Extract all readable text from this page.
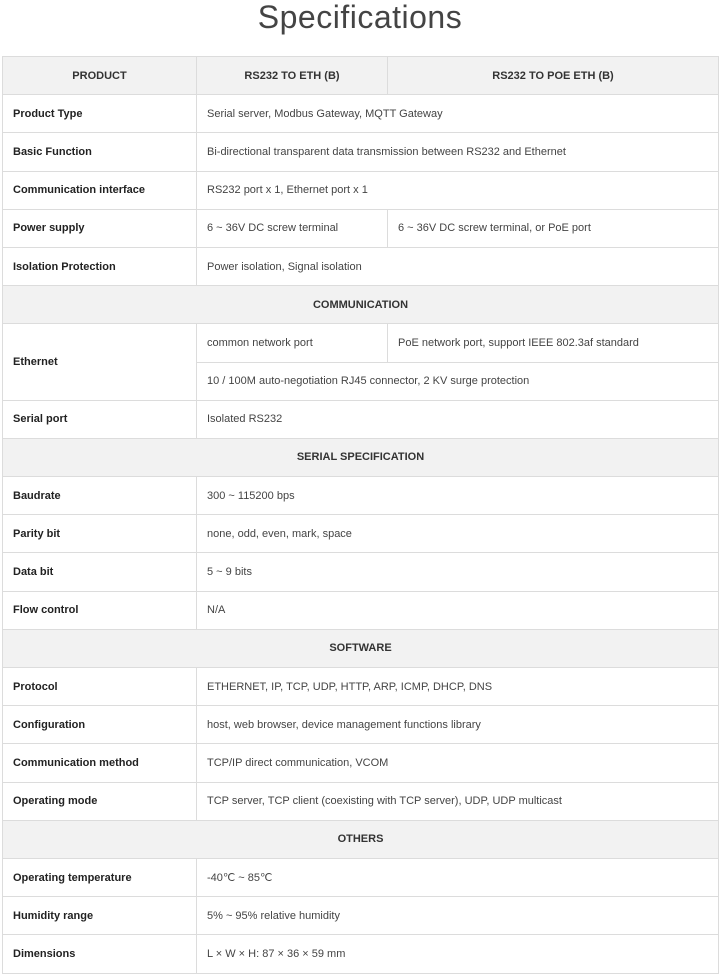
Specifications
PRODUCT	RS232 TO ETH (B)	RS232 TO POE ETH (B)
Product Type	Serial server, Modbus Gateway, MQTT Gateway	
Basic Function	Bi-directional transparent data transmission between RS232 and Ethernet	
Communication interface	RS232 port x 1, Ethernet port x 1	
Power supply	6 ~ 36V DC screw terminal	6 ~ 36V DC screw terminal, or PoE port
Isolation Protection	Power isolation, Signal isolation	
COMMUNICATION		
Ethernet	common network port	PoE network port, support IEEE 802.3af standard
	10 / 100M auto-negotiation RJ45 connector, 2 KV surge protection	
Serial port	Isolated RS232	
SERIAL SPECIFICATION		
Baudrate	300 ~ 115200 bps	
Parity bit	none, odd, even, mark, space	
Data bit	5 ~ 9 bits	
Flow control	N/A	
SOFTWARE		
Protocol	ETHERNET, IP, TCP, UDP, HTTP, ARP, ICMP, DHCP, DNS	
Configuration	host, web browser, device management functions library	
Communication method	TCP/IP direct communication, VCOM	
Operating mode	TCP server, TCP client (coexisting with TCP server), UDP, UDP multicast	
OTHERS		
Operating temperature	-40℃ ~ 85℃	
Humidity range	5% ~ 95% relative humidity	
Dimensions	L × W × H: 87 × 36 × 59 mm	
